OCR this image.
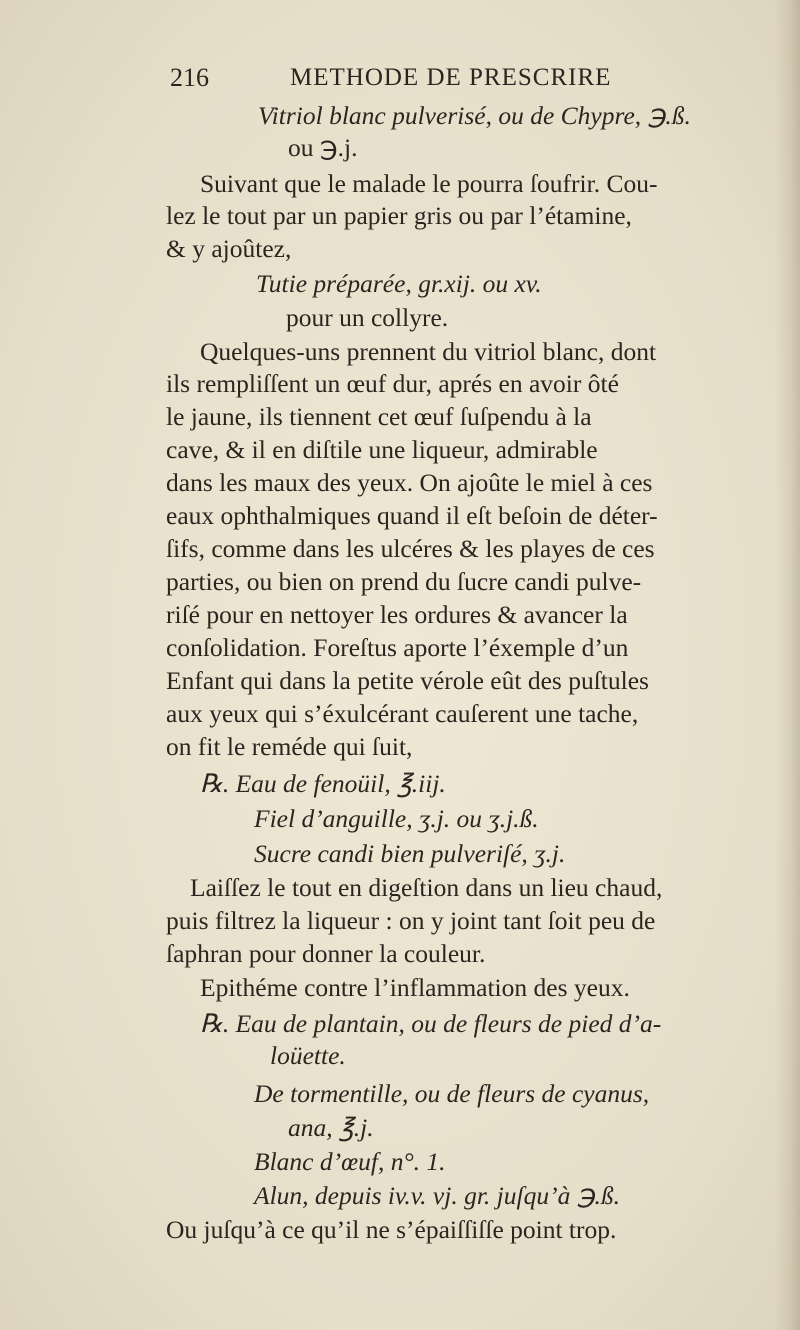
216	METHODE DE PRESCRIRE
Vitriol blanc pulverisé, ou de Chypre, ℈.ß.
ou ℈.j.
Suivant que le malade le pourra ſoufrir. Cou-
lez le tout par un papier gris ou par l’étamine,
& y ajoûtez,
Tutie préparée, gr.xij. ou xv.
pour un collyre.
Quelques-uns prennent du vitriol blanc, dont
ils rempliſſent un œuf dur, aprés en avoir ôté
le jaune, ils tiennent cet œuf ſuſpendu à la
cave, & il en diſtile une liqueur, admirable
dans les maux des yeux. On ajoûte le miel à ces
eaux ophthalmiques quand il eſt beſoin de déter-
ſifs, comme dans les ulcéres & les playes de ces
parties, ou bien on prend du ſucre candi pulve-
riſé pour en nettoyer les ordures & avancer la
conſolidation. Foreſtus aporte l’éxemple d’un
Enfant qui dans la petite vérole eût des puſtules
aux yeux qui s’éxulcérant cauſerent une tache,
on fit le reméde qui ſuit,
℞. Eau de fenoüil, ℥.iij.
Fiel d’anguille, ʒ.j. ou ʒ.j.ß.
Sucre candi bien pulveriſé, ʒ.j.
Laiſſez le tout en digeſtion dans un lieu chaud,
puis filtrez la liqueur : on y joint tant ſoit peu de
ſaphran pour donner la couleur.
Epithéme contre l’inflammation des yeux.
℞. Eau de plantain, ou de fleurs de pied d’a-
loüette.
De tormentille, ou de fleurs de cyanus,
ana, ℥.j.
Blanc d’œuf, n°. 1.
Alun, depuis iv.v. vj. gr. juſqu’à ℈.ß.
Ou juſqu’à ce qu’il ne s’épaiſſiſſe point trop.
